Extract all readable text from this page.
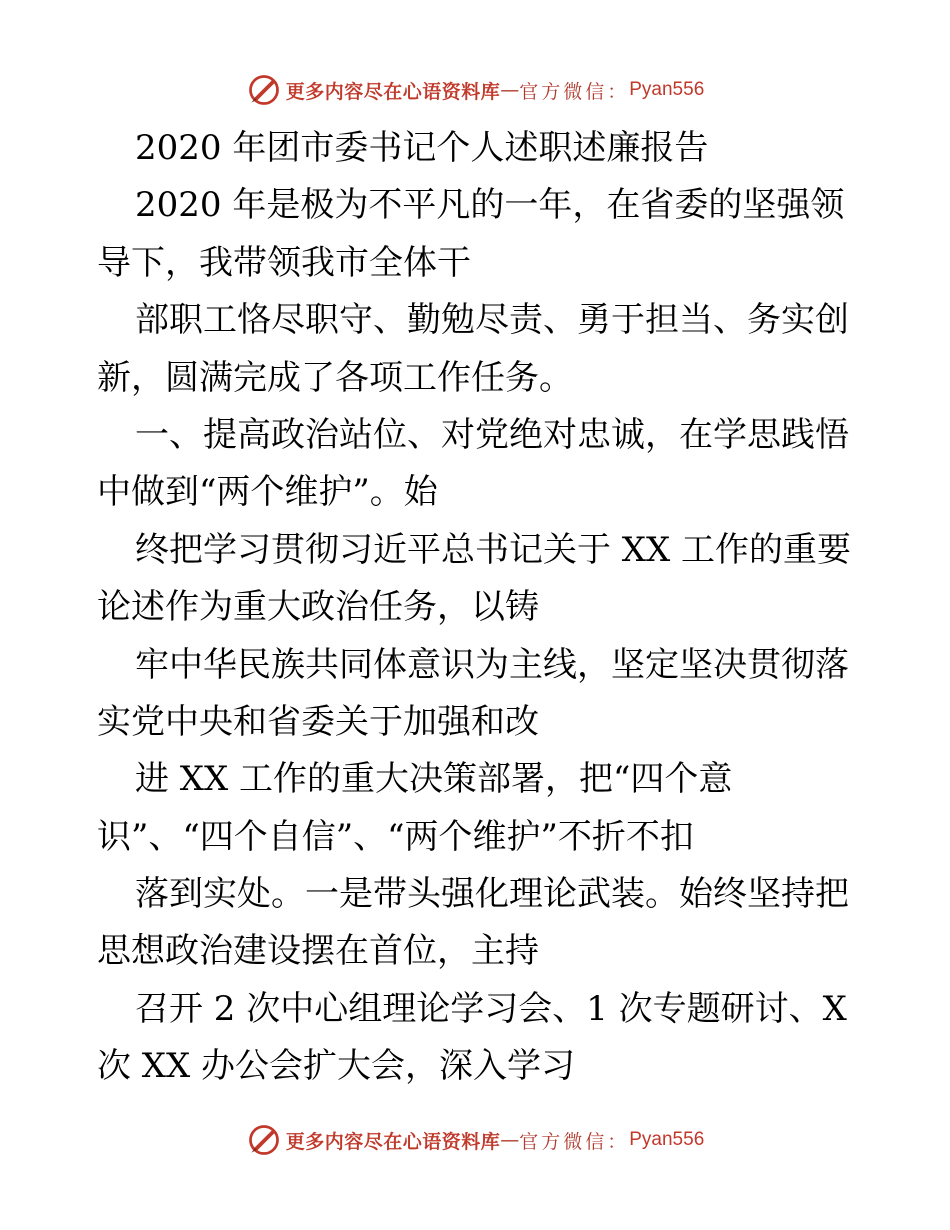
更多内容尽在心语资料库 — 官方微信： Pyan556
2020 年团市委书记个人述职述廉报告
2020 年是极为不平凡的一年，在省委的坚强领
导下，我带领我市全体干
部职工恪尽职守、勤勉尽责、勇于担当、务实创
新，圆满完成了各项工作任务。
一、提高政治站位、对党绝对忠诚，在学思践悟
中做到“两个维护”。始
终把学习贯彻习近平总书记关于 XX 工作的重要
论述作为重大政治任务，以铸
牢中华民族共同体意识为主线，坚定坚决贯彻落
实党中央和省委关于加强和改
进 XX 工作的重大决策部署，把“四个意
识”、“四个自信”、“两个维护”不折不扣
落到实处。一是带头强化理论武装。始终坚持把
思想政治建设摆在首位，主持
召开 2 次中心组理论学习会、1 次专题研讨、X
次 XX 办公会扩大会，深入学习
更多内容尽在心语资料库 — 官方微信： Pyan556
